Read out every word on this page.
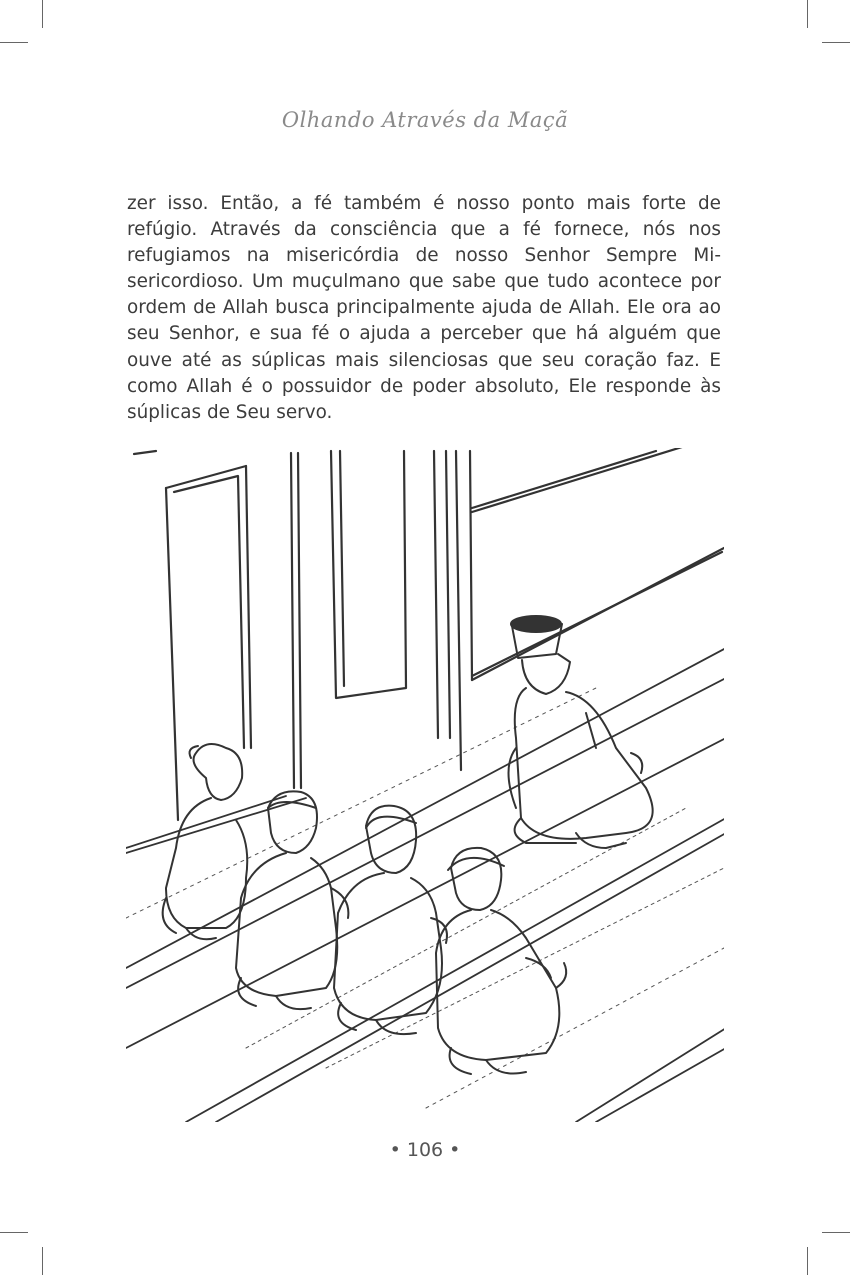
Olhando Através da Maçã

zer isso. Então, a fé também é nosso ponto mais forte de refúgio. Através da consciência que a fé fornece, nós nos refugiamos na misericórdia de nosso Senhor Sempre Misericordioso. Um muçulmano que sabe que tudo acontece por ordem de Allah busca principalmente ajuda de Allah. Ele ora ao seu Senhor, e sua fé o ajuda a perceber que há alguém que ouve até as súplicas mais silenciosas que seu coração faz. E como Allah é o possuidor de poder absoluto, Ele responde às súplicas de Seu servo.

• 106 •
